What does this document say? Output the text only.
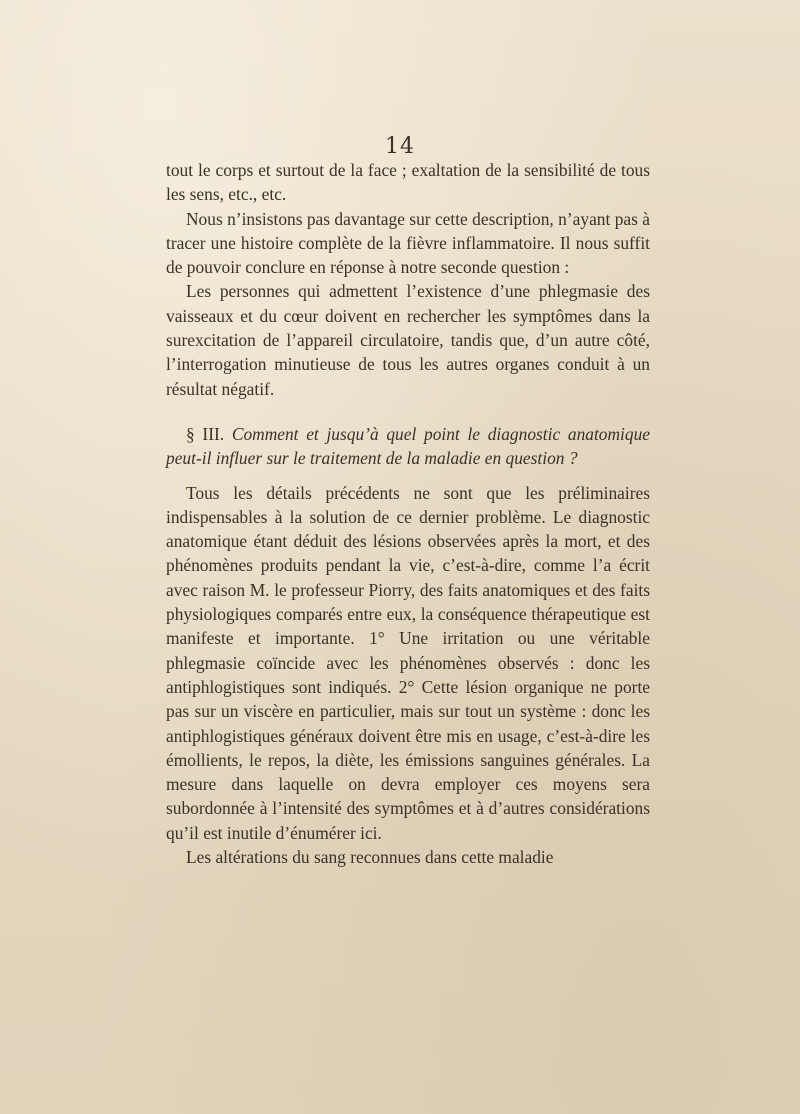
14

tout le corps et surtout de la face ; exaltation de la sensibilité de tous les sens, etc., etc.

Nous n’insistons pas davantage sur cette description, n’ayant pas à tracer une histoire complète de la fièvre inflammatoire. Il nous suffit de pouvoir conclure en réponse à notre seconde question :

Les personnes qui admettent l’existence d’une phlegmasie des vaisseaux et du cœur doivent en rechercher les symptômes dans la surexcitation de l’appareil circulatoire, tandis que, d’un autre côté, l’interrogation minutieuse de tous les autres organes conduit à un résultat négatif.

§ III. Comment et jusqu’à quel point le diagnostic anatomique peut-il influer sur le traitement de la maladie en question ?

Tous les détails précédents ne sont que les préliminaires indispensables à la solution de ce dernier problème. Le diagnostic anatomique étant déduit des lésions observées après la mort, et des phénomènes produits pendant la vie, c’est-à-dire, comme l’a écrit avec raison M. le professeur Piorry, des faits anatomiques et des faits physiologiques comparés entre eux, la conséquence thérapeutique est manifeste et importante. 1° Une irritation ou une véritable phlegmasie coïncide avec les phénomènes observés : donc les antiphlogistiques sont indiqués. 2° Cette lésion organique ne porte pas sur un viscère en particulier, mais sur tout un système : donc les antiphlogistiques généraux doivent être mis en usage, c’est-à-dire les émollients, le repos, la diète, les émissions sanguines générales. La mesure dans laquelle on devra employer ces moyens sera subordonnée à l’intensité des symptômes et à d’autres considérations qu’il est inutile d’énumérer ici.

Les altérations du sang reconnues dans cette maladie
